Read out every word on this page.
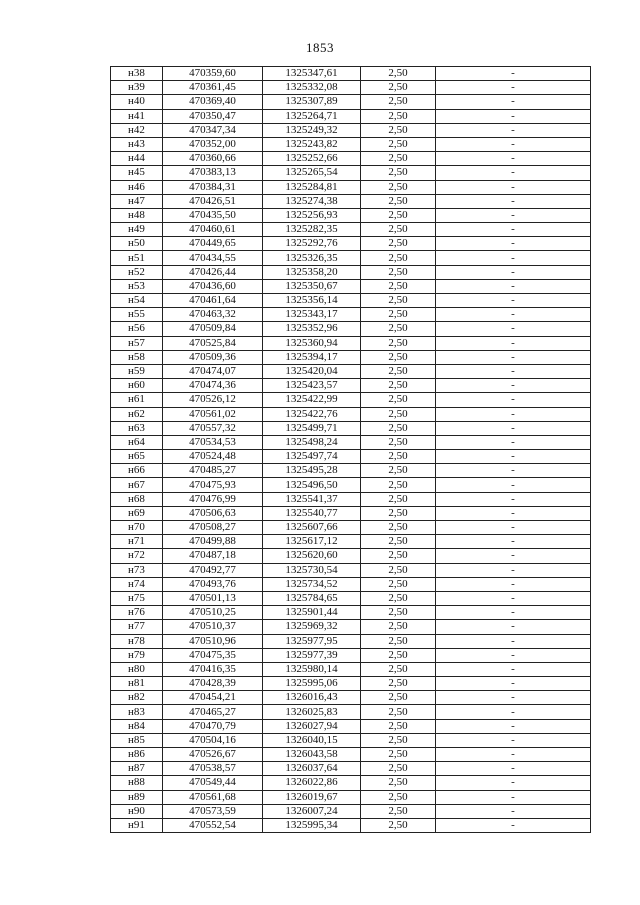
1853
н38	470359,60	1325347,61	2,50	-
н39	470361,45	1325332,08	2,50	-
н40	470369,40	1325307,89	2,50	-
н41	470350,47	1325264,71	2,50	-
н42	470347,34	1325249,32	2,50	-
н43	470352,00	1325243,82	2,50	-
н44	470360,66	1325252,66	2,50	-
н45	470383,13	1325265,54	2,50	-
н46	470384,31	1325284,81	2,50	-
н47	470426,51	1325274,38	2,50	-
н48	470435,50	1325256,93	2,50	-
н49	470460,61	1325282,35	2,50	-
н50	470449,65	1325292,76	2,50	-
н51	470434,55	1325326,35	2,50	-
н52	470426,44	1325358,20	2,50	-
н53	470436,60	1325350,67	2,50	-
н54	470461,64	1325356,14	2,50	-
н55	470463,32	1325343,17	2,50	-
н56	470509,84	1325352,96	2,50	-
н57	470525,84	1325360,94	2,50	-
н58	470509,36	1325394,17	2,50	-
н59	470474,07	1325420,04	2,50	-
н60	470474,36	1325423,57	2,50	-
н61	470526,12	1325422,99	2,50	-
н62	470561,02	1325422,76	2,50	-
н63	470557,32	1325499,71	2,50	-
н64	470534,53	1325498,24	2,50	-
н65	470524,48	1325497,74	2,50	-
н66	470485,27	1325495,28	2,50	-
н67	470475,93	1325496,50	2,50	-
н68	470476,99	1325541,37	2,50	-
н69	470506,63	1325540,77	2,50	-
н70	470508,27	1325607,66	2,50	-
н71	470499,88	1325617,12	2,50	-
н72	470487,18	1325620,60	2,50	-
н73	470492,77	1325730,54	2,50	-
н74	470493,76	1325734,52	2,50	-
н75	470501,13	1325784,65	2,50	-
н76	470510,25	1325901,44	2,50	-
н77	470510,37	1325969,32	2,50	-
н78	470510,96	1325977,95	2,50	-
н79	470475,35	1325977,39	2,50	-
н80	470416,35	1325980,14	2,50	-
н81	470428,39	1325995,06	2,50	-
н82	470454,21	1326016,43	2,50	-
н83	470465,27	1326025,83	2,50	-
н84	470470,79	1326027,94	2,50	-
н85	470504,16	1326040,15	2,50	-
н86	470526,67	1326043,58	2,50	-
н87	470538,57	1326037,64	2,50	-
н88	470549,44	1326022,86	2,50	-
н89	470561,68	1326019,67	2,50	-
н90	470573,59	1326007,24	2,50	-
н91	470552,54	1325995,34	2,50	-
